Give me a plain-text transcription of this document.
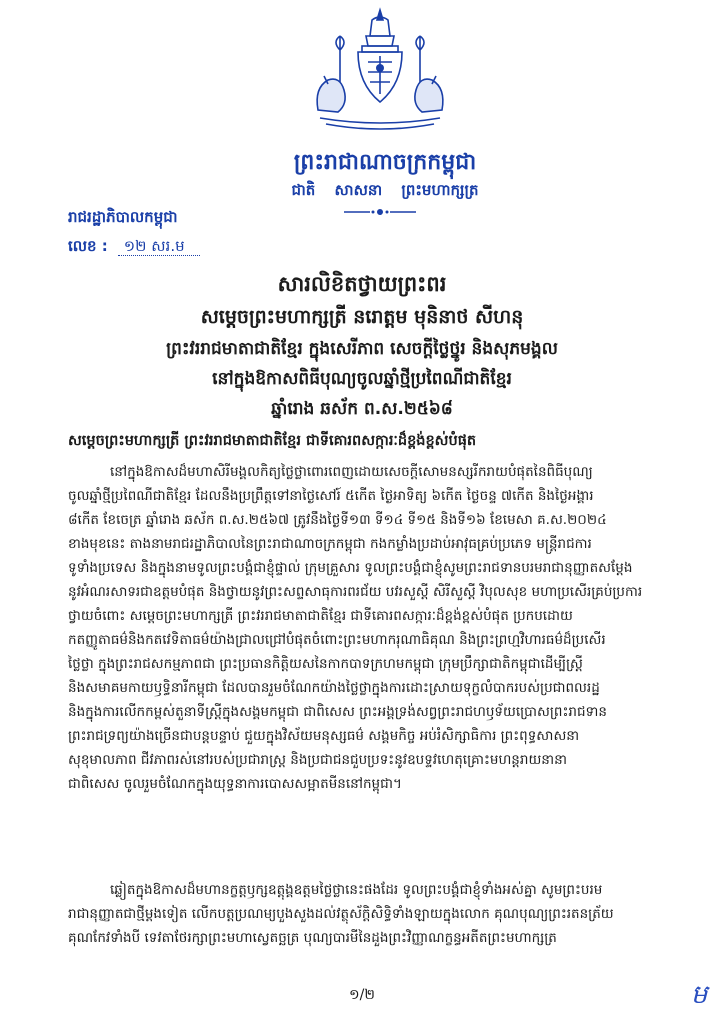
ព្រះរាជាណាចក្រកម្ពុជា
ជាតិ សាសនា ព្រះមហាក្សត្រ
រាជរដ្ឋាភិបាលកម្ពុជា
លេខ :	១២ សរ.ម
សារលិខិតថ្វាយព្រះពរ
សម្តេចព្រះមហាក្សត្រី នរោត្តម មុនិនាថ សីហនុ
ព្រះវររាជមាតាជាតិខ្មែរ ក្នុងសេរីភាព សេចក្តីថ្លៃថ្នូរ និងសុភមង្គល
នៅក្នុងឱកាសពិធីបុណ្យចូលឆ្នាំថ្មីប្រពៃណីជាតិខ្មែរ
ឆ្នាំរោង ឆស័ក ព.ស.២៥៦៨
សម្តេចព្រះមហាក្សត្រី ព្រះវររាជមាតាជាតិខ្មែរ ជាទីគោរពសក្ការៈដ៏ខ្ពង់ខ្ពស់បំផុត
នៅក្នុងឱកាសដ៏មហាសិរីមង្គលកិត្យថ្លៃថ្លាពោរពេញដោយសេចក្តីសោមនស្សរីករាយបំផុតនៃពិធីបុណ្យ
ចូលឆ្នាំថ្មីប្រពៃណីជាតិខ្មែរ ដែលនឹងប្រព្រឹត្តទៅនាថ្ងៃសៅរ៍ ៥កើត ថ្ងៃអាទិត្យ ៦កើត ថ្ងៃចន្ទ ៧កើត និងថ្ងៃអង្គារ
៨កើត ខែចេត្រ ឆ្នាំរោង ឆស័ក ព.ស.២៥៦៧ ត្រូវនឹងថ្ងៃទី១៣ ទី១៤ ទី១៥ និងទី១៦ ខែមេសា គ.ស.២០២៤
ខាងមុខនេះ តាងនាមរាជរដ្ឋាភិបាលនៃព្រះរាជាណាចក្រកម្ពុជា កងកម្លាំងប្រដាប់អាវុធគ្រប់ប្រភេទ មន្ត្រីរាជការ
ទូទាំងប្រទេស និងក្នុងនាមទូលព្រះបង្គំជាខ្ញុំផ្ទាល់ ក្រុមគ្រួសារ ទូលព្រះបង្គំជាខ្ញុំសូមព្រះរាជទានបរមរាជានុញ្ញាតសម្តែង
នូវអំណរសាទរជាឧត្តមបំផុត និងថ្វាយនូវព្រះសព្ទសាធុការពរជ័យ បវរសួស្តី សិរីសួស្តី វិបុលសុខ មហាប្រសើរគ្រប់ប្រការ
ថ្វាយចំពោះ សម្តេចព្រះមហាក្សត្រី ព្រះវររាជមាតាជាតិខ្មែរ ជាទីគោរពសក្ការៈដ៏ខ្ពង់ខ្ពស់បំផុត ប្រកបដោយ
កតញ្ញូតាធម៌និងកតវេទិតាធម៌យ៉ាងជ្រាលជ្រៅបំផុតចំពោះព្រះមហាករុណាធិគុណ និងព្រះព្រហ្មវិហារធម៌ដ៏ប្រសើរ
ថ្លៃថ្លា ក្នុងព្រះរាជសកម្មភាពជា ព្រះប្រធានកិត្តិយសនៃកាកបាទក្រហមកម្ពុជា ក្រុមប្រឹក្សាជាតិកម្ពុជាដើម្បីស្ត្រី
និងសមាគមកាយឫទ្ធិនារីកម្ពុជា ដែលបានរួមចំណែកយ៉ាងថ្លៃថ្លាក្នុងការដោះស្រាយទុក្ខលំបាករបស់ប្រជាពលរដ្ឋ
និងក្នុងការលើកកម្ពស់តួនាទីស្ត្រីក្នុងសង្គមកម្ពុជា ជាពិសេស ព្រះអង្គទ្រង់សព្វព្រះរាជហឫទ័យប្រោសព្រះរាជទាន
ព្រះរាជទ្រព្យយ៉ាងច្រើនជាបន្តបន្ទាប់ ជួយក្នុងវិស័យមនុស្សធម៌ សង្គមកិច្ច អប់រំសិក្សាធិការ ព្រះពុទ្ធសាសនា
សុខុមាលភាព ជីវភាពរស់នៅរបស់ប្រជារាស្ត្រ និងប្រជាជនជួបប្រទះនូវឧបទ្ទវហេតុគ្រោះមហន្តរាយនានា
ជាពិសេស ចូលរួមចំណែកក្នុងយុទ្ធនាការបោសសម្អាតមីននៅកម្ពុជា។
ឆ្លៀតក្នុងឱកាសដ៏មហានក្ខត្តឫក្សឧត្តុង្គឧត្តមថ្លៃថ្លានេះផងដែរ ទូលព្រះបង្គំជាខ្ញុំទាំងអស់គ្នា សូមព្រះបរម
រាជានុញ្ញាតជាថ្មីម្តងទៀត លើកបត្តប្រណម្យបួងសួងដល់វត្ថុស័ក្តិសិទ្ធិទាំងឡាយក្នុងលោក គុណបុណ្យព្រះរតនត្រ័យ
គុណកែវទាំងបី ទេវតាថែរក្សាព្រះមហាស្វេតច្ឆត្រ បុណ្យបារមីនៃដួងព្រះវិញ្ញាណក្ខន្ធអតីតព្រះមហាក្សត្រ
១/២	ម
